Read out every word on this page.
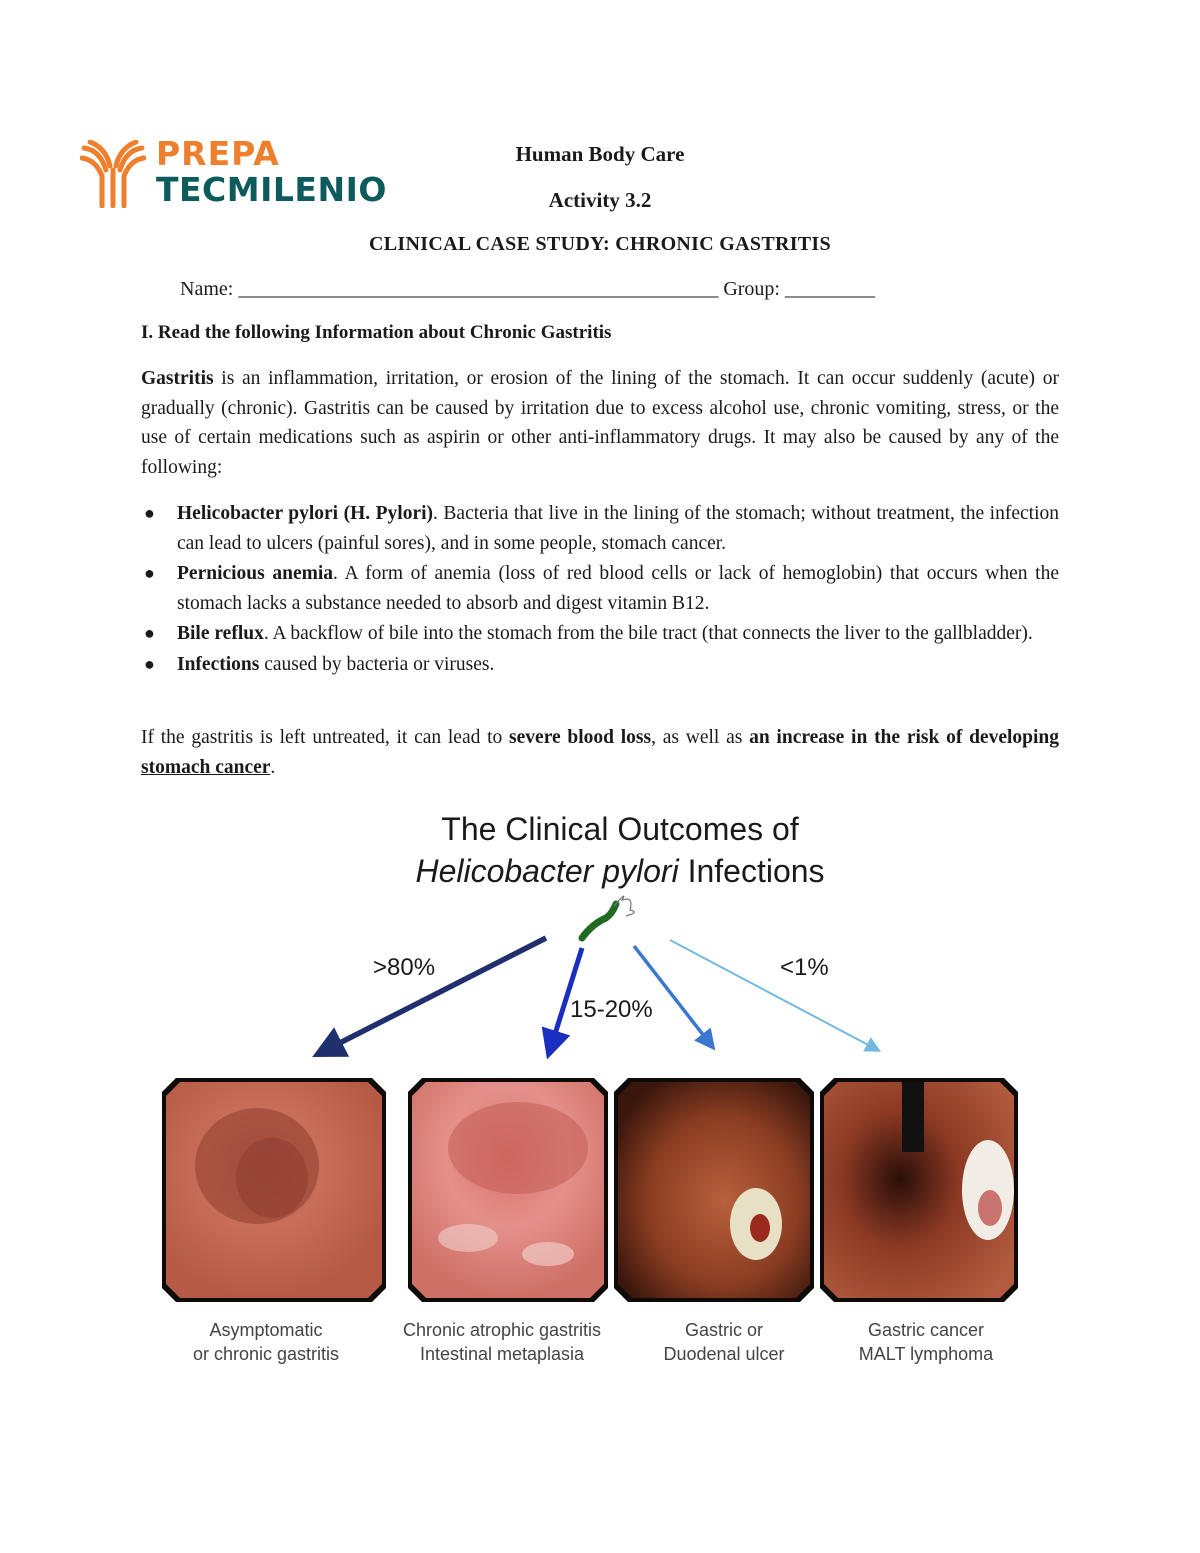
PREPA
TECMILENIO
Human Body Care
Activity 3.2
CLINICAL CASE STUDY: CHRONIC GASTRITIS
Name: ________________________________________________ Group: _________
I. Read the following Information about Chronic Gastritis
Gastritis is an inflammation, irritation, or erosion of the lining of the stomach. It can occur suddenly (acute) or gradually (chronic). Gastritis can be caused by irritation due to excess alcohol use, chronic vomiting, stress, or the use of certain medications such as aspirin or other anti-inflammatory drugs. It may also be caused by any of the following:
● Helicobacter pylori (H. Pylori). Bacteria that live in the lining of the stomach; without treatment, the infection can lead to ulcers (painful sores), and in some people, stomach cancer.
● Pernicious anemia. A form of anemia (loss of red blood cells or lack of hemoglobin) that occurs when the stomach lacks a substance needed to absorb and digest vitamin B12.
● Bile reflux. A backflow of bile into the stomach from the bile tract (that connects the liver to the gallbladder).
● Infections caused by bacteria or viruses.
If the gastritis is left untreated, it can lead to severe blood loss, as well as an increase in the risk of developing stomach cancer.
The Clinical Outcomes of
Helicobacter pylori Infections
>80%
15-20%
<1%
Asymptomatic
or chronic gastritis
Chronic atrophic gastritis
Intestinal metaplasia
Gastric or
Duodenal ulcer
Gastric cancer
MALT lymphoma
